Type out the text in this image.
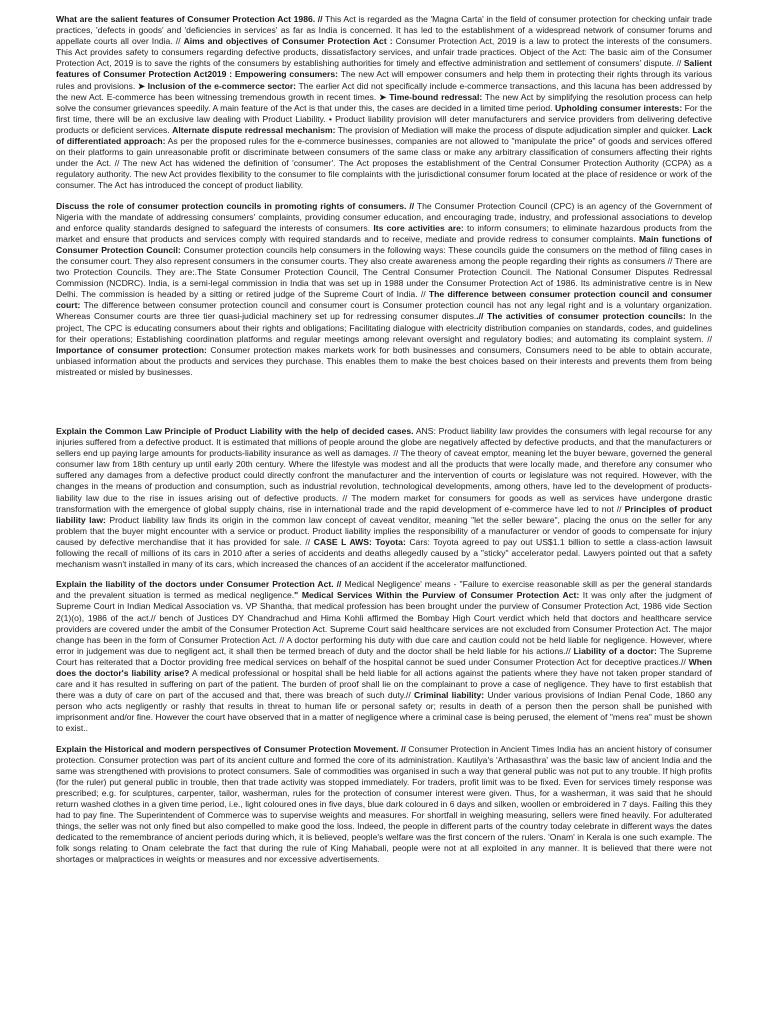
What are the salient features of Consumer Protection Act 1986. // This Act is regarded as the 'Magna Carta' in the field of consumer protection for checking unfair trade practices, 'defects in goods' and 'deficiencies in services' as far as India is concerned. It has led to the establishment of a widespread network of consumer forums and appellate courts all over India. // Aims and objectives of Consumer Protection Act : Consumer Protection Act, 2019 is a law to protect the interests of the consumers. This Act provides safety to consumers regarding defective products, dissatisfactory services, and unfair trade practices. Object of the Act: The basic aim of the Consumer Protection Act, 2019 is to save the rights of the consumers by establishing authorities for timely and effective administration and settlement of consumers' dispute. // Salient features of Consumer Protection Act2019 : Empowering consumers: The new Act will empower consumers and help them in protecting their rights through its various rules and provisions. ➤ Inclusion of the e-commerce sector: The earlier Act did not specifically include e-commerce transactions, and this lacuna has been addressed by the new Act. E-commerce has been witnessing tremendous growth in recent times. ➤ Time-bound redressal: The new Act by simplifying the resolution process can help solve the consumer grievances speedily. A main feature of the Act is that under this, the cases are decided in a limited time period. Upholding consumer interests: For the first time, there will be an exclusive law dealing with Product Liability. • Product liability provision will deter manufacturers and service providers from delivering defective products or deficient services. Alternate dispute redressal mechanism: The provision of Mediation will make the process of dispute adjudication simpler and quicker. Lack of differentiated approach: As per the proposed rules for the e-commerce businesses, companies are not allowed to "manipulate the price" of goods and services offered on their platforms to gain unreasonable profit or discriminate between consumers of the same class or make any arbitrary classification of consumers affecting their rights under the Act. // The new Act has widened the definition of 'consumer'. The Act proposes the establishment of the Central Consumer Protection Authority (CCPA) as a regulatory authority. The new Act provides flexibility to the consumer to file complaints with the jurisdictional consumer forum located at the place of residence or work of the consumer. The Act has introduced the concept of product liability.

Discuss the role of consumer protection councils in promoting rights of consumers. // The Consumer Protection Council (CPC) is an agency of the Government of Nigeria with the mandate of addressing consumers' complaints, providing consumer education, and encouraging trade, industry, and professional associations to develop and enforce quality standards designed to safeguard the interests of consumers. Its core activities are: to inform consumers; to eliminate hazardous products from the market and ensure that products and services comply with required standards and to receive, mediate and provide redress to consumer complaints. Main functions of Consumer Protection Council: Consumer protection councils help consumers in the following ways: These councils guide the consumers on the method of filing cases in the consumer court. They also represent consumers in the consumer courts. They also create awareness among the people regarding their rights as consumers // There are two Protection Councils. They are:.The State Consumer Protection Council, The Central Consumer Protection Council. The National Consumer Disputes Redressal Commission (NCDRC). India, is a semi-legal commission in India that was set up in 1988 under the Consumer Protection Act of 1986. Its administrative centre is in New Delhi. The commission is headed by a sitting or retired judge of the Supreme Court of India. // The difference between consumer protection council and consumer court: The difference between consumer protection council and consumer court is Consumer protection council has not any legal right and is a voluntary organization. Whereas Consumer courts are three tier quasi-judicial machinery set up for redressing consumer disputes..// The activities of consumer protection councils: In the project, The CPC is educating consumers about their rights and obligations; Facilitating dialogue with electricity distribution companies on standards, codes, and guidelines for their operations; Establishing coordination platforms and regular meetings among relevant oversight and regulatory bodies; and automating its complaint system. // Importance of consumer protection: Consumer protection makes markets work for both businesses and consumers, Consumers need to be able to obtain accurate, unbiased information about the products and services they purchase. This enables them to make the best choices based on their interests and prevents them from being mistreated or misled by businesses.

Explain the Common Law Principle of Product Liability with the help of decided cases. ANS: Product liability law provides the consumers with legal recourse for any injuries suffered from a defective product. It is estimated that millions of people around the globe are negatively affected by defective products, and that the manufacturers or sellers end up paying large amounts for products-liability insurance as well as damages. // The theory of caveat emptor, meaning let the buyer beware, governed the general consumer law from 18th century up until early 20th century. Where the lifestyle was modest and all the products that were locally made, and therefore any consumer who suffered any damages from a defective product could directly confront the manufacturer and the intervention of courts or legislature was not required. However, with the changes in the means of production and consumption, such as industrial revolution, technological developments, among others, have led to the development of products-liability law due to the rise in issues arising out of defective products. // The modern market for consumers for goods as well as services have undergone drastic transformation with the emergence of global supply chains, rise in international trade and the rapid development of e-commerce have led to not // Principles of product liability law: Product liability law finds its origin in the common law concept of caveat venditor, meaning "let the seller beware", placing the onus on the seller for any problem that the buyer might encounter with a service or product. Product liability implies the responsibility of a manufacturer or vendor of goods to compensate for injury caused by defective merchandise that it has provided for sale. // CASE L AWS: Toyota: Cars: Toyota agreed to pay out US$1.1 billion to settle a class-action lawsuit following the recall of millions of its cars in 2010 after a series of accidents and deaths allegedly caused by a "sticky" accelerator pedal. Lawyers pointed out that a safety mechanism wasn't installed in many of its cars, which increased the chances of an accident if the accelerator malfunctioned.

Explain the liability of the doctors under Consumer Protection Act. // Medical Negligence' means - "Failure to exercise reasonable skill as per the general standards and the prevalent situation is termed as medical negligence." Medical Services Within the Purview of Consumer Protection Act: It was only after the judgment of Supreme Court in Indian Medical Association vs. VP Shantha, that medical profession has been brought under the purview of Consumer Protection Act, 1986 vide Section 2(1)(o), 1986 of the act.// bench of Justices DY Chandrachud and Hima Kohli affirmed the Bombay High Court verdict which held that doctors and healthcare service providers are covered under the ambit of the Consumer Protection Act. Supreme Court said healthcare services are not excluded from Consumer Protection Act. The major change has been in the form of Consumer Protection Act. // A doctor performing his duty with due care and caution could not be held liable for negligence. However, where error in judgement was due to negligent act, it shall then be termed breach of duty and the doctor shall be held liable for his actions.// Liability of a doctor: The Supreme Court has reiterated that a Doctor providing free medical services on behalf of the hospital cannot be sued under Consumer Protection Act for deceptive practices.// When does the doctor's liability arise? A medical professional or hospital shall be held liable for all actions against the patients where they have not taken proper standard of care and it has resulted in suffering on part of the patient. The burden of proof shall lie on the complainant to prove a case of negligence. They have to first establish that there was a duty of care on part of the accused and that, there was breach of such duty.// Criminal liability: Under various provisions of Indian Penal Code, 1860 any person who acts negligently or rashly that results in threat to human life or personal safety or; results in death of a person then the person shall be punished with imprisonment and/or fine. However the court have observed that in a matter of negligence where a criminal case is being perused, the element of "mens rea" must be shown to exist..

Explain the Historical and modern perspectives of Consumer Protection Movement. // Consumer Protection in Ancient Times India has an ancient history of consumer protection. Consumer protection was part of its ancient culture and formed the core of its administration. Kautilya's 'Arthasasthra' was the basic law of ancient India and the same was strengthened with provisions to protect consumers. Sale of commodities was organised in such a way that general public was not put to any trouble. If high profits (for the ruler) put general public in trouble, then that trade activity was stopped immediately. For traders, profit limit was to be fixed. Even for services timely response was prescribed; e.g. for sculptures, carpenter, tailor, washerman, rules for the protection of consumer interest were given. Thus, for a washerman, it was said that he should return washed clothes in a given time period, i.e., light coloured ones in five days, blue dark coloured in 6 days and silken, woollen or embroidered in 7 days. Failing this they had to pay fine. The Superintendent of Commerce was to supervise weights and measures. For shortfall in weighing measuring, sellers were fined heavily. For adulterated things, the seller was not only fined but also compelled to make good the loss. Indeed, the people in different parts of the country today celebrate in different ways the dates dedicated to the remembrance of ancient periods during which, it is believed, people's welfare was the first concern of the rulers. 'Onam' in Kerala is one such example. The folk songs relating to Onam celebrate the fact that during the rule of King Mahabali, people were not at all exploited in any manner. It is believed that there were not shortages or malpractices in weights or measures and nor excessive advertisements.
